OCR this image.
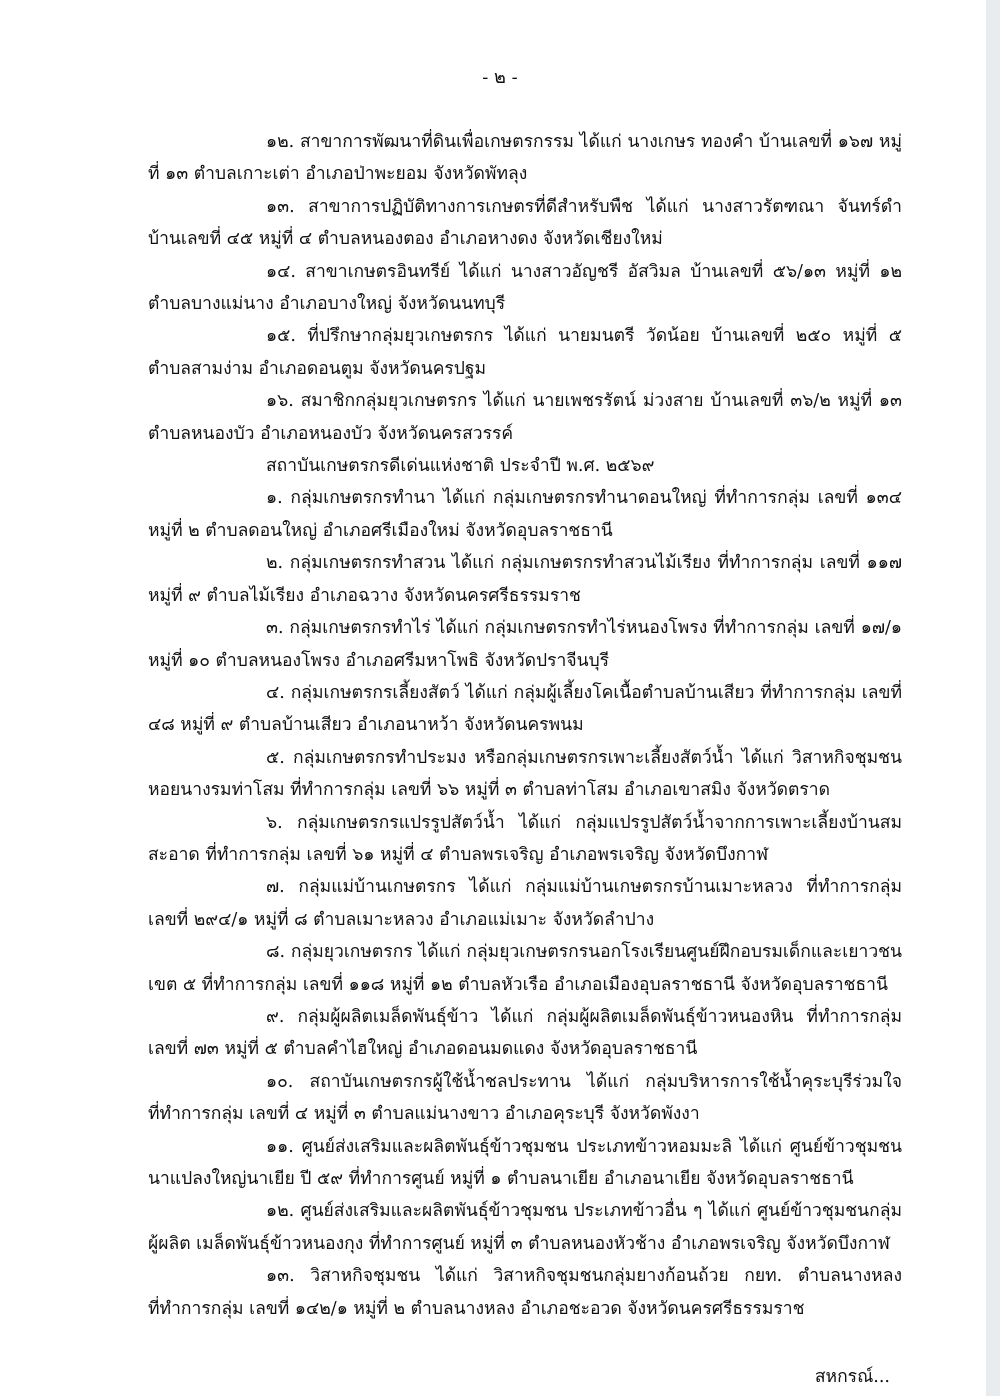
- ๒ -

๑๒. สาขาการพัฒนาที่ดินเพื่อเกษตรกรรม ได้แก่ นางเกษร ทองคำ บ้านเลขที่ ๑๖๗ หมู่ที่ ๑๓ ตำบลเกาะเต่า อำเภอป่าพะยอม จังหวัดพัทลุง

๑๓. สาขาการปฏิบัติทางการเกษตรที่ดีสำหรับพืช ได้แก่ นางสาวรัตฑณา จันทร์ดำ บ้านเลขที่ ๔๕ หมู่ที่ ๔ ตำบลหนองตอง อำเภอหางดง จังหวัดเชียงใหม่

๑๔. สาขาเกษตรอินทรีย์ ได้แก่ นางสาวอัญชรี อัสวิมล บ้านเลขที่ ๕๖/๑๓ หมู่ที่ ๑๒ ตำบลบางแม่นาง อำเภอบางใหญ่ จังหวัดนนทบุรี

๑๕. ที่ปรึกษากลุ่มยุวเกษตรกร ได้แก่ นายมนตรี วัดน้อย บ้านเลขที่ ๒๕๐ หมู่ที่ ๕ ตำบลสามง่าม อำเภอดอนตูม จังหวัดนครปฐม

๑๖. สมาชิกกลุ่มยุวเกษตรกร ได้แก่ นายเพชรรัตน์ ม่วงสาย บ้านเลขที่ ๓๖/๒ หมู่ที่ ๑๓ ตำบลหนองบัว อำเภอหนองบัว จังหวัดนครสวรรค์

สถาบันเกษตรกรดีเด่นแห่งชาติ ประจำปี พ.ศ. ๒๕๖๙

๑. กลุ่มเกษตรกรทำนา ได้แก่ กลุ่มเกษตรกรทำนาดอนใหญ่ ที่ทำการกลุ่ม เลขที่ ๑๓๔ หมู่ที่ ๒ ตำบลดอนใหญ่ อำเภอศรีเมืองใหม่ จังหวัดอุบลราชธานี

๒. กลุ่มเกษตรกรทำสวน ได้แก่ กลุ่มเกษตรกรทำสวนไม้เรียง ที่ทำการกลุ่ม เลขที่ ๑๑๗ หมู่ที่ ๙ ตำบลไม้เรียง อำเภอฉวาง จังหวัดนครศรีธรรมราช

๓. กลุ่มเกษตรกรทำไร่ ได้แก่ กลุ่มเกษตรกรทำไร่หนองโพรง ที่ทำการกลุ่ม เลขที่ ๑๗/๑ หมู่ที่ ๑๐ ตำบลหนองโพรง อำเภอศรีมหาโพธิ จังหวัดปราจีนบุรี

๔. กลุ่มเกษตรกรเลี้ยงสัตว์ ได้แก่ กลุ่มผู้เลี้ยงโคเนื้อตำบลบ้านเสียว ที่ทำการกลุ่ม เลขที่ ๔๘ หมู่ที่ ๙ ตำบลบ้านเสียว อำเภอนาหว้า จังหวัดนครพนม

๕. กลุ่มเกษตรกรทำประมง หรือกลุ่มเกษตรกรเพาะเลี้ยงสัตว์น้ำ ได้แก่ วิสาหกิจชุมชน หอยนางรมท่าโสม ที่ทำการกลุ่ม เลขที่ ๖๖ หมู่ที่ ๓ ตำบลท่าโสม อำเภอเขาสมิง จังหวัดตราด

๖. กลุ่มเกษตรกรแปรรูปสัตว์น้ำ ได้แก่ กลุ่มแปรรูปสัตว์น้ำจากการเพาะเลี้ยงบ้านสมสะอาด ที่ทำการกลุ่ม เลขที่ ๖๑ หมู่ที่ ๔ ตำบลพรเจริญ อำเภอพรเจริญ จังหวัดบึงกาฬ

๗. กลุ่มแม่บ้านเกษตรกร ได้แก่ กลุ่มแม่บ้านเกษตรกรบ้านเมาะหลวง ที่ทำการกลุ่ม เลขที่ ๒๙๔/๑ หมู่ที่ ๘ ตำบลเมาะหลวง อำเภอแม่เมาะ จังหวัดลำปาง

๘. กลุ่มยุวเกษตรกร ได้แก่ กลุ่มยุวเกษตรกรนอกโรงเรียนศูนย์ฝึกอบรมเด็กและเยาวชน เขต ๕ ที่ทำการกลุ่ม เลขที่ ๑๑๘ หมู่ที่ ๑๒ ตำบลหัวเรือ อำเภอเมืองอุบลราชธานี จังหวัดอุบลราชธานี

๙. กลุ่มผู้ผลิตเมล็ดพันธุ์ข้าว ได้แก่ กลุ่มผู้ผลิตเมล็ดพันธุ์ข้าวหนองหิน ที่ทำการกลุ่ม เลขที่ ๗๓ หมู่ที่ ๕ ตำบลคำไฮใหญ่ อำเภอดอนมดแดง จังหวัดอุบลราชธานี

๑๐. สถาบันเกษตรกรผู้ใช้น้ำชลประทาน ได้แก่ กลุ่มบริหารการใช้น้ำคุระบุรีร่วมใจ ที่ทำการกลุ่ม เลขที่ ๔ หมู่ที่ ๓ ตำบลแม่นางขาว อำเภอคุระบุรี จังหวัดพังงา

๑๑. ศูนย์ส่งเสริมและผลิตพันธุ์ข้าวชุมชน ประเภทข้าวหอมมะลิ ได้แก่ ศูนย์ข้าวชุมชน นาแปลงใหญ่นาเยีย ปี ๕๙ ที่ทำการศูนย์ หมู่ที่ ๑ ตำบลนาเยีย อำเภอนาเยีย จังหวัดอุบลราชธานี

๑๒. ศูนย์ส่งเสริมและผลิตพันธุ์ข้าวชุมชน ประเภทข้าวอื่น ๆ ได้แก่ ศูนย์ข้าวชุมชนกลุ่มผู้ผลิต เมล็ดพันธุ์ข้าวหนองกุง ที่ทำการศูนย์ หมู่ที่ ๓ ตำบลหนองหัวช้าง อำเภอพรเจริญ จังหวัดบึงกาฬ

๑๓. วิสาหกิจชุมชน ได้แก่ วิสาหกิจชุมชนกลุ่มยางก้อนถ้วย กยท. ตำบลนางหลง ที่ทำการกลุ่ม เลขที่ ๑๔๒/๑ หมู่ที่ ๒ ตำบลนางหลง อำเภอชะอวด จังหวัดนครศรีธรรมราช

สหกรณ์...
